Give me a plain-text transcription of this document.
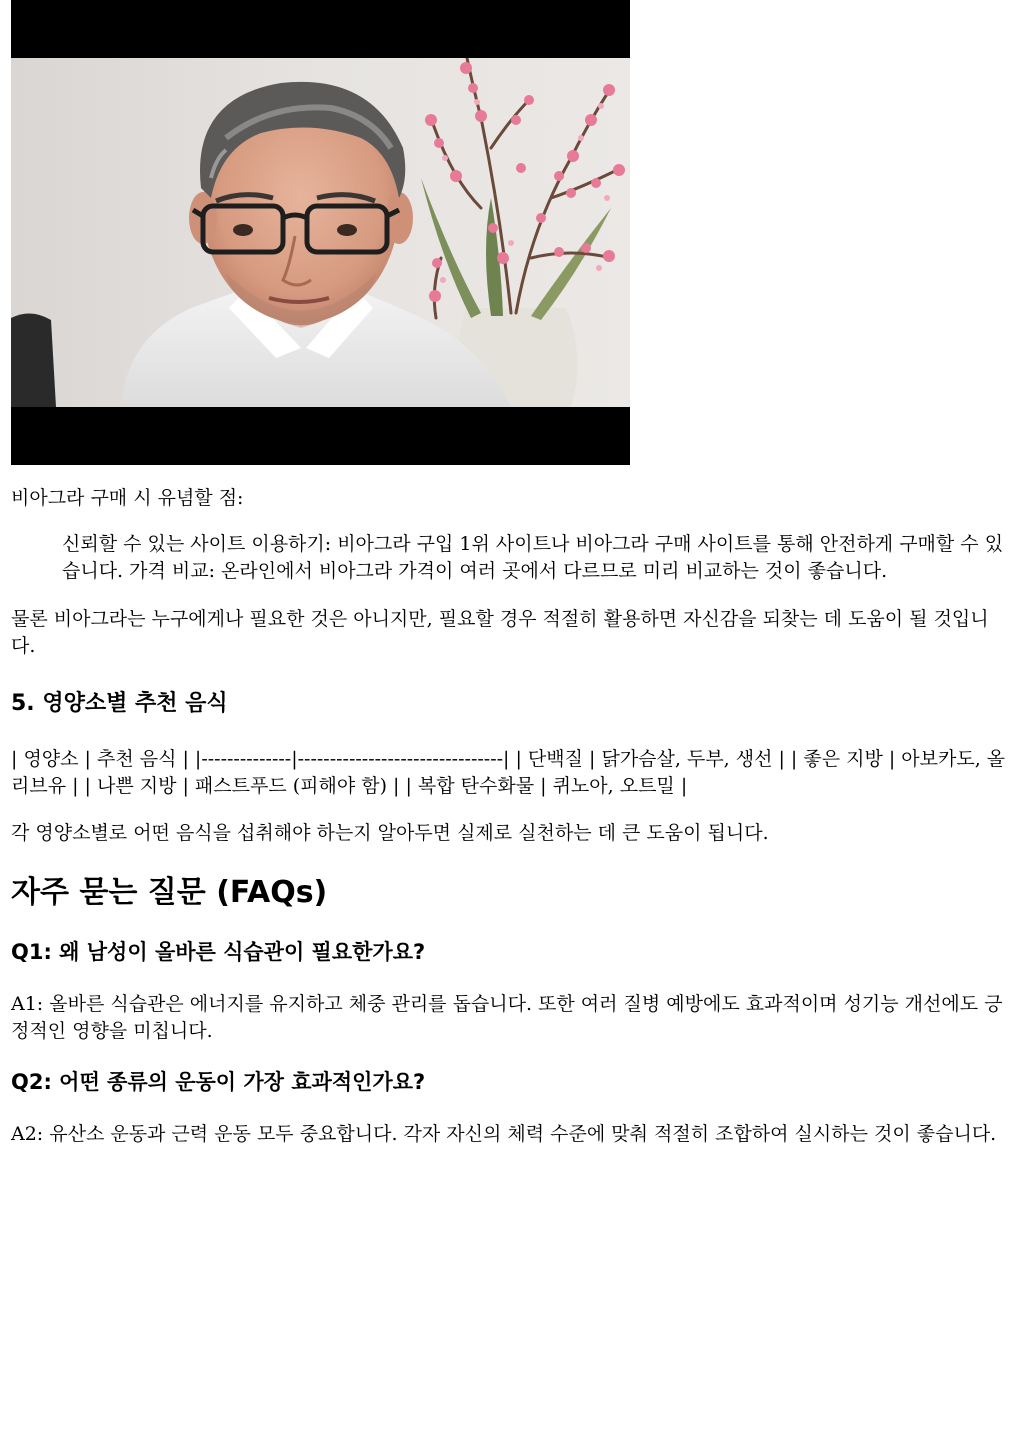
비아그라 구매 시 유념할 점:

신뢰할 수 있는 사이트 이용하기: 비아그라 구입 1위 사이트나 비아그라 구매 사이트를 통해 안전하게 구매할 수 있습니다. 가격 비교: 온라인에서 비아그라 가격이 여러 곳에서 다르므로 미리 비교하는 것이 좋습니다.

물론 비아그라는 누구에게나 필요한 것은 아니지만, 필요할 경우 적절히 활용하면 자신감을 되찾는 데 도움이 될 것입니다.

5. 영양소별 추천 음식

| 영양소 | 추천 음식 | |--------------|--------------------------------| | 단백질 | 닭가슴살, 두부, 생선 | | 좋은 지방 | 아보카도, 올리브유 | | 나쁜 지방 | 패스트푸드 (피해야 함) | | 복합 탄수화물 | 퀴노아, 오트밀 |

각 영양소별로 어떤 음식을 섭취해야 하는지 알아두면 실제로 실천하는 데 큰 도움이 됩니다.

자주 묻는 질문 (FAQs)
Q1: 왜 남성이 올바른 식습관이 필요한가요?

A1: 올바른 식습관은 에너지를 유지하고 체중 관리를 돕습니다. 또한 여러 질병 예방에도 효과적이며 성기능 개선에도 긍정적인 영향을 미칩니다.

Q2: 어떤 종류의 운동이 가장 효과적인가요?

A2: 유산소 운동과 근력 운동 모두 중요합니다. 각자 자신의 체력 수준에 맞춰 적절히 조합하여 실시하는 것이 좋습니다.
